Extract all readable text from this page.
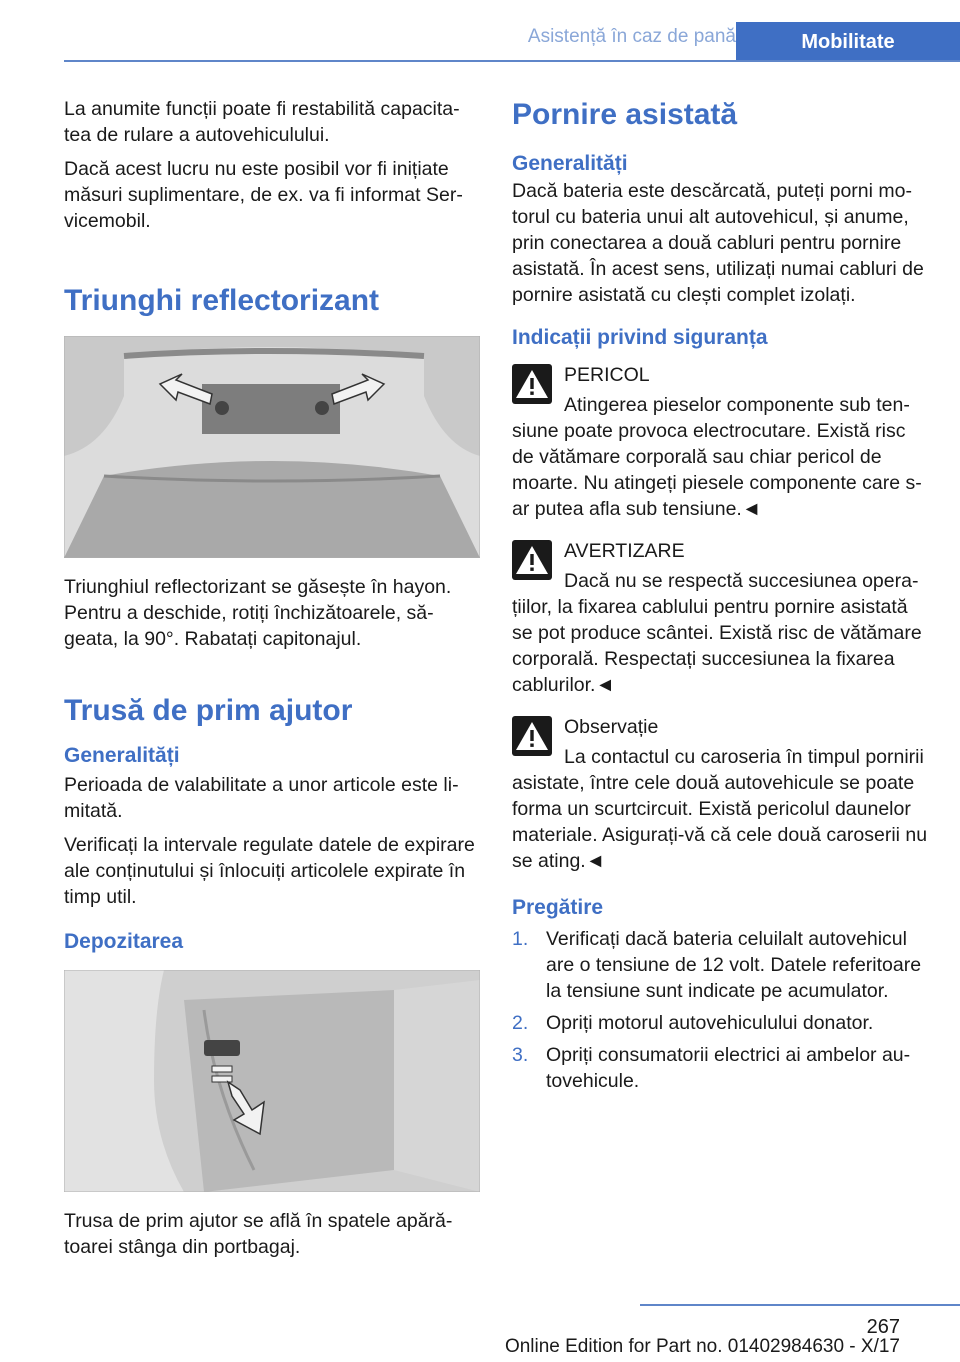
Asistență în caz de pană	Mobilitate

La anumite funcții poate fi restabilită capacitatea de rulare a autovehiculului.

Dacă acest lucru nu este posibil vor fi inițiate măsuri suplimentare, de ex. va fi informat Servicemobil.

Triunghi reflectorizant

Triunghiul reflectorizant se găsește în hayon. Pentru a deschide, rotiți închizătoarele, săgeata, la 90°. Rabatați capitonajul.

Trusă de prim ajutor
Generalități

Perioada de valabilitate a unor articole este limitată.

Verificați la intervale regulate datele de expirare ale conținutului și înlocuiți articolele expirate în timp util.

Depozitarea

Trusa de prim ajutor se află în spatele apărătoarei stânga din portbagaj.

Pornire asistată
Generalități

Dacă bateria este descărcată, puteți porni motorul cu bateria unui alt autovehicul, și anume, prin conectarea a două cabluri pentru pornire asistată. În acest sens, utilizați numai cabluri de pornire asistată cu clești complet izolați.

Indicații privind siguranța
PERICOL

Atingerea pieselor componente sub tensiune poate provoca electrocutare. Există risc de vătămare corporală sau chiar pericol de moarte. Nu atingeți piesele componente care s-ar putea afla sub tensiune.◄

AVERTIZARE

Dacă nu se respectă succesiunea operațiilor, la fixarea cablului pentru pornire asistată se pot produce scântei. Există risc de vătămare corporală. Respectați succesiunea la fixarea cablurilor.◄

Observație

La contactul cu caroseria în timpul pornirii asistate, între cele două autovehicule se poate forma un scurtcircuit. Există pericolul daunelor materiale. Asigurați-vă că cele două caroserii nu se ating.◄

Pregătire
1. Verificați dacă bateria celuilalt autovehicul are o tensiune de 12 volt. Datele referitoare la tensiune sunt indicate pe acumulator.
2. Opriți motorul autovehiculului donator.
3. Opriți consumatorii electrici ai ambelor autovehicule.
267
Online Edition for Part no. 01402984630 - X/17
